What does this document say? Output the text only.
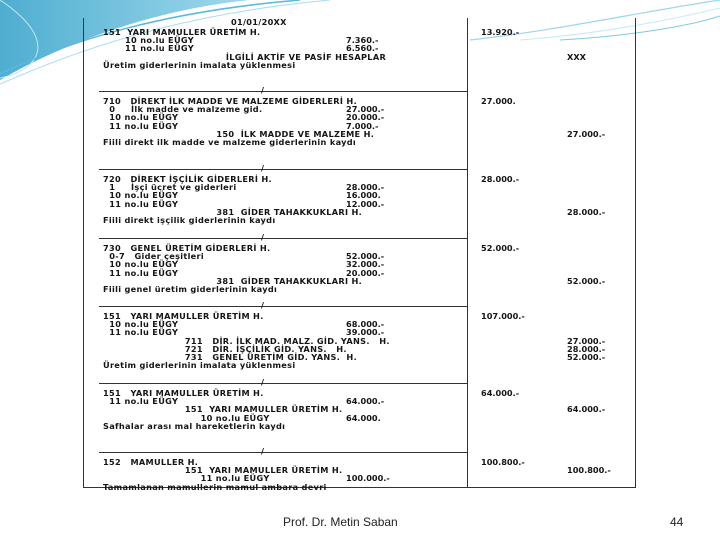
01/01/20XX
151  YARI MAMULLER ÜRETİM H.	13.920.-
10 no.lu EÜGY	7.360.-
11 no.lu EÜGY	6.560.-
İLGİLİ AKTİF VE PASİF HESAPLAR	XXX
Üretim giderlerinin imalata yüklenmesi
/
710   DİREKT İLK MADDE VE MALZEME GİDERLERİ H.	27.000.
0     İlk madde ve malzeme gid.	27.000.-
10 no.lu EÜGY	20.000.-
11 no.lu EÜGY	7.000.-
150  İLK MADDE VE MALZEME H.	27.000.-
Fiili direkt ilk madde ve malzeme giderlerinin kaydı
/
720   DİREKT İŞÇİLİK GİDERLERİ H.	28.000.-
1     İşçi ücret ve giderleri	28.000.-
10 no.lu EÜGY	16.000.
11 no.lu EÜGY	12.000.-
381  GİDER TAHAKKUKLARI H.	28.000.-
Fiili direkt işçilik giderlerinin kaydı
/
730   GENEL ÜRETİM GİDERLERİ H.	52.000.-
0-7   Gider çeşitleri	52.000.-
10 no.lu EÜGY	32.000.-
11 no.lu EÜGY	20.000.-
381  GİDER TAHAKKUKLARI H.	52.000.-
Fiili genel üretim giderlerinin kaydı
/
151   YARI MAMULLER ÜRETİM H.	107.000.-
10 no.lu EÜGY	68.000.-
11 no.lu EÜGY	39.000.-
711   DİR. İLK MAD. MALZ. GİD. YANS.   H.	27.000.-
721   DİR. İŞÇİLİK GİD. YANS.   H.	28.000.-
731   GENEL ÜRETİM GİD. YANS.  H.	52.000.-
Üretim giderlerinin imalata yüklenmesi
/
151   YARI MAMULLER ÜRETİM H.	64.000.-
11 no.lu EÜGY	64.000.-
151  YARI MAMULLER ÜRETİM H.	64.000.-
10 no.lu EÜGY	64.000.
Safhalar arası mal hareketlerin kaydı
/
152   MAMULLER H.	100.800.-
151  YARI MAMULLER ÜRETİM H.	100.800.-
11 no.lu EÜGY	100.000.-
Tamamlanan mamullerin mamul ambara devri
Prof. Dr. Metin Saban	44
